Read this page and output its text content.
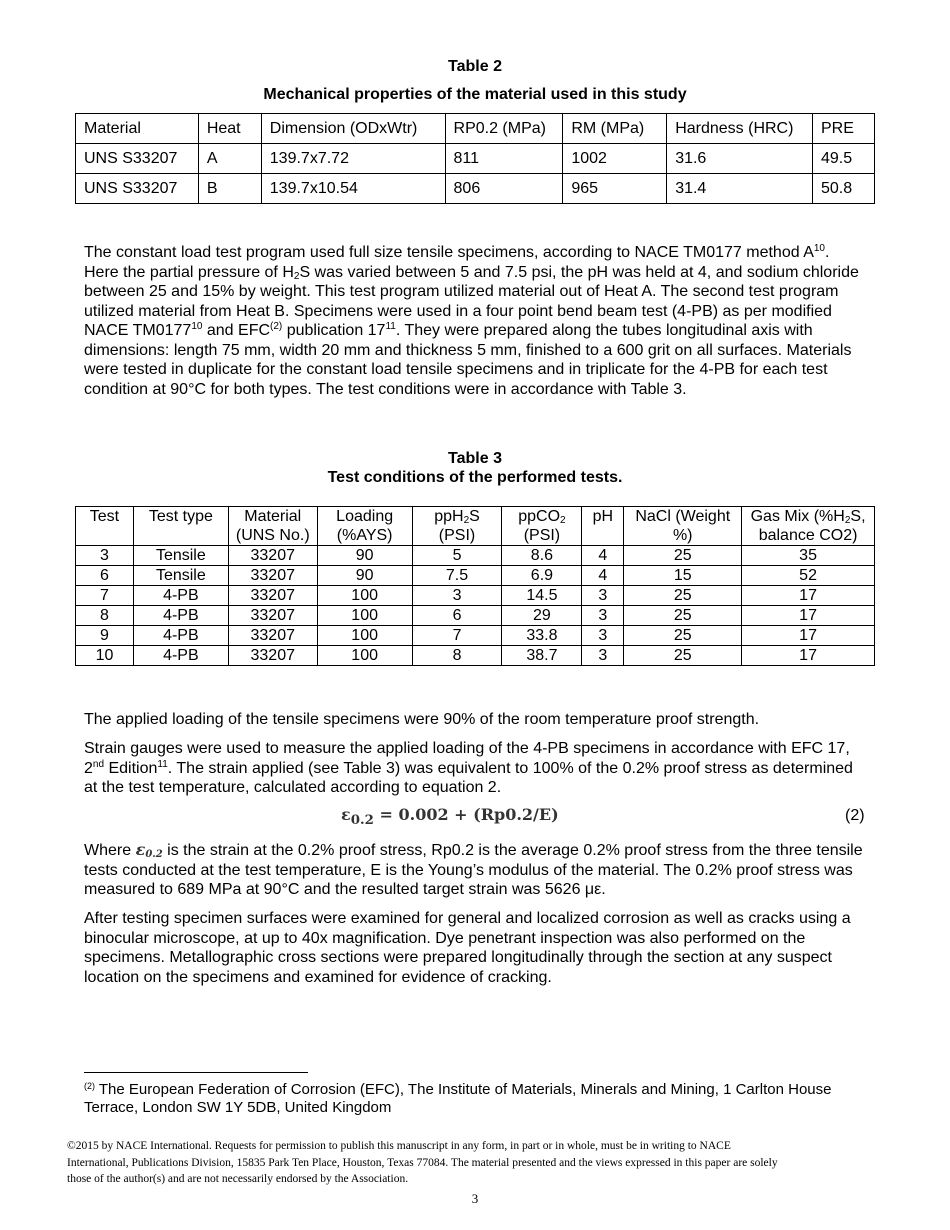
Table 2
Mechanical properties of the material used in this study
Material	Heat	Dimension (ODxWtr)	RP0.2 (MPa)	RM (MPa)	Hardness (HRC)	PRE
UNS S33207	A	139.7x7.72	811	1002	31.6	49.5
UNS S33207	B	139.7x10.54	806	965	31.4	50.8
The constant load test program used full size tensile specimens, according to NACE TM0177 method $A^{10}$. Here the partial pressure of $H_2S$ was varied between 5 and 7.5 psi, the pH was held at 4, and sodium chloride between 25 and 15% by weight. This test program utilized material out of Heat A. The second test program utilized material from Heat B. Specimens were used in a four point bend beam test (4-PB) as per modified NACE TM0177$^{10}$ and EFC$^{(2)}$ publication $17^{11}$. They were prepared along the tubes longitudinal axis with dimensions: length 75 mm, width 20 mm and thickness 5 mm, finished to a 600 grit on all surfaces. Materials were tested in duplicate for the constant load tensile specimens and in triplicate for the 4-PB for each test condition at 90°C for both types. The test conditions were in accordance with Table 3.
Table 3
Test conditions of the performed tests.
Test	Test type	Material (UNS No.)	Loading (%AYS)	ppH$_2$S (PSI)	ppCO$_2$ (PSI)	pH	NaCl (Weight %)	Gas Mix ($\%H_2S$, balance CO2)
3	Tensile	33207	90	5	8.6	4	25	35
6	Tensile	33207	90	7.5	6.9	4	15	52
7	4-PB	33207	100	3	14.5	3	25	17
8	4-PB	33207	100	6	29	3	25	17
9	4-PB	33207	100	7	33.8	3	25	17
10	4-PB	33207	100	8	38.7	3	25	17
The applied loading of the tensile specimens were 90% of the room temperature proof strength.
Strain gauges were used to measure the applied loading of the 4-PB specimens in accordance with EFC 17, 2nd Edition$^{11}$. The strain applied (see Table 3) was equivalent to 100% of the 0.2% proof stress as determined at the test temperature, calculated according to equation 2.
$\varepsilon_{0.2} = 0.002 + (Rp0.2/E)$	(2)
Where $\varepsilon_{0.2}$ is the strain at the 0.2% proof stress, Rp0.2 is the average 0.2% proof stress from the three tensile tests conducted at the test temperature, E is the Young’s modulus of the material. The 0.2% proof stress was measured to 689 MPa at 90°C and the resulted target strain was 5626 με.
After testing specimen surfaces were examined for general and localized corrosion as well as cracks using a binocular microscope, at up to 40x magnification. Dye penetrant inspection was also performed on the specimens. Metallographic cross sections were prepared longitudinally through the section at any suspect location on the specimens and examined for evidence of cracking.
$^{(2)}$ The European Federation of Corrosion (EFC), The Institute of Materials, Minerals and Mining, 1 Carlton House Terrace, London SW 1Y 5DB, United Kingdom
©2015 by NACE International. Requests for permission to publish this manuscript in any form, in part or in whole, must be in writing to NACE International, Publications Division, 15835 Park Ten Place, Houston, Texas 77084. The material presented and the views expressed in this paper are solely those of the author(s) and are not necessarily endorsed by the Association.
3
